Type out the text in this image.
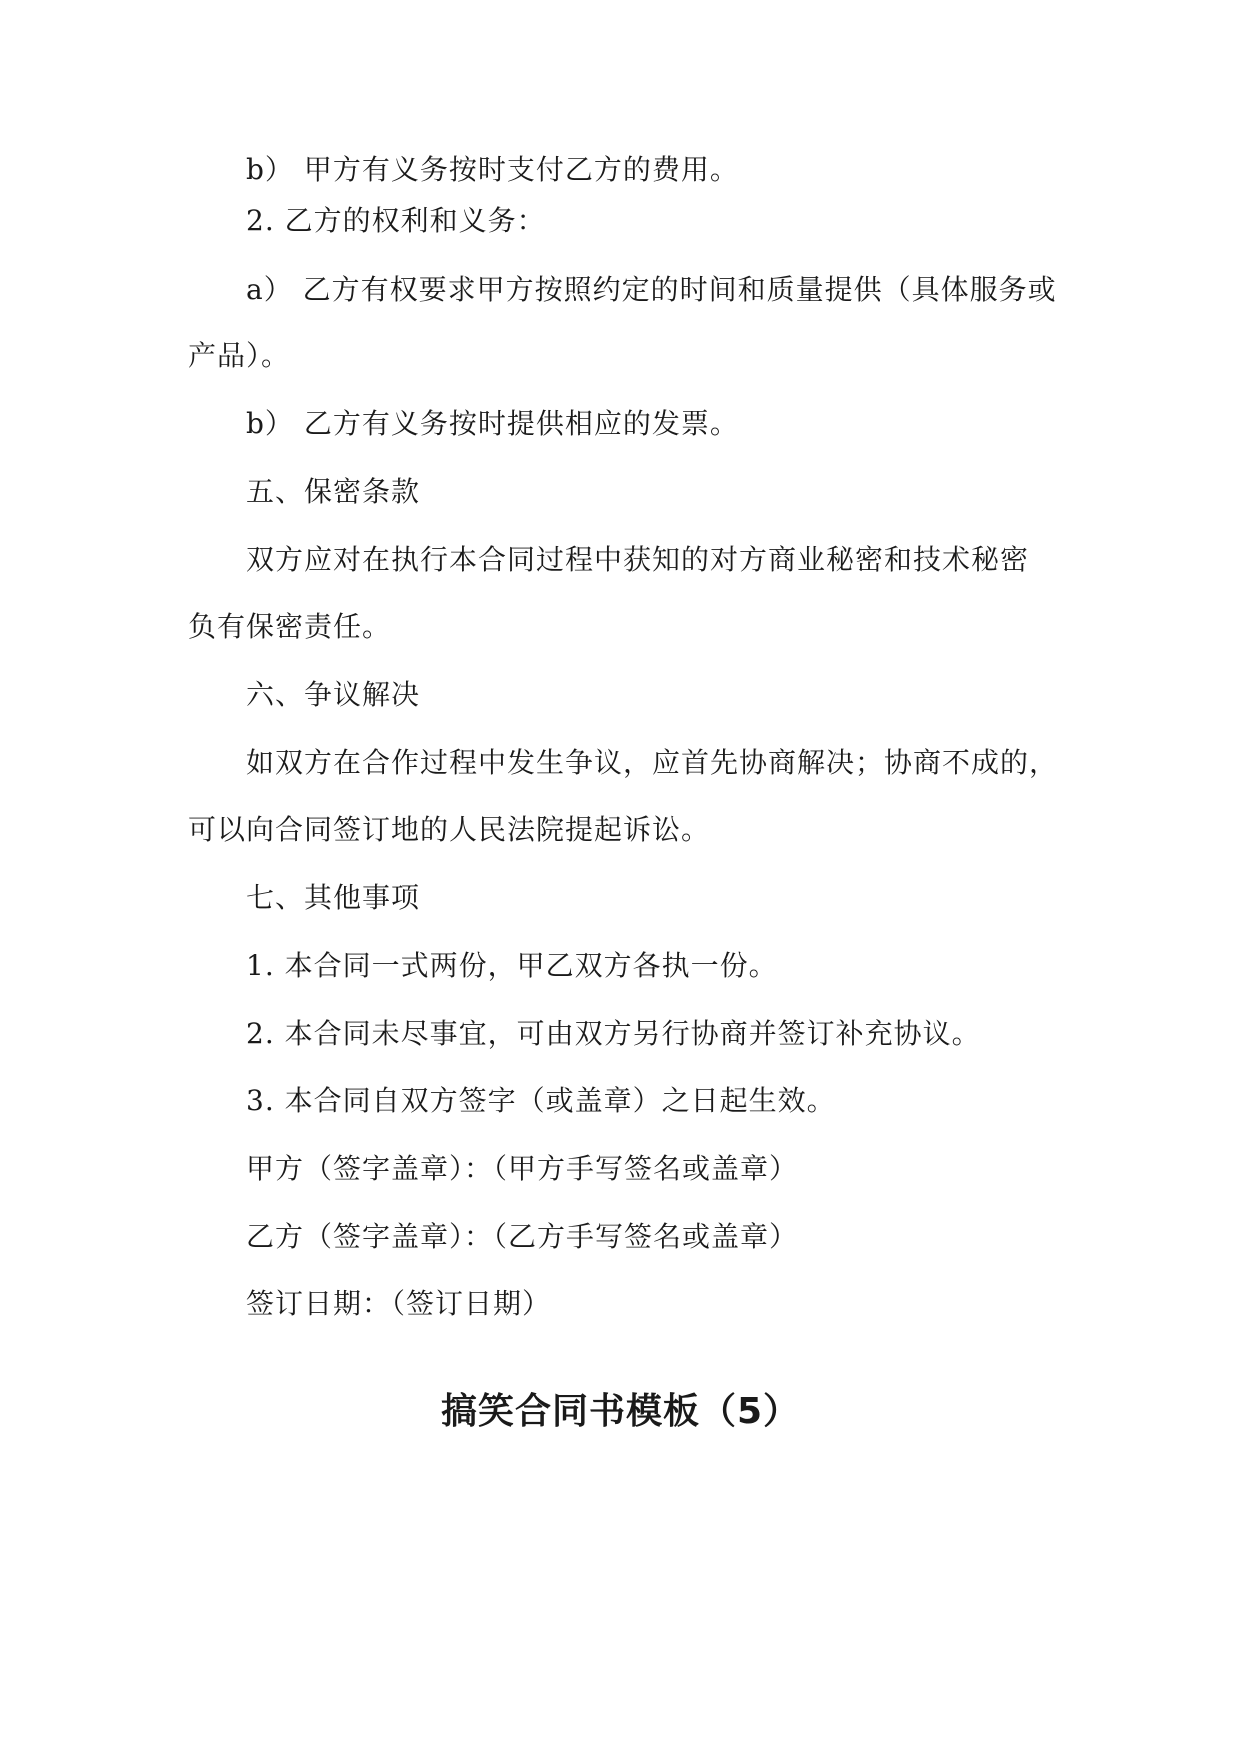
b） 甲方有义务按时支付乙方的费用。
2. 乙方的权利和义务：
a） 乙方有权要求甲方按照约定的时间和质量提供（具体服务或
产品）。
b） 乙方有义务按时提供相应的发票。
五、保密条款
双方应对在执行本合同过程中获知的对方商业秘密和技术秘密
负有保密责任。
六、争议解决
如双方在合作过程中发生争议，应首先协商解决；协商不成的，
可以向合同签订地的人民法院提起诉讼。
七、其他事项
1. 本合同一式两份，甲乙双方各执一份。
2. 本合同未尽事宜，可由双方另行协商并签订补充协议。
3. 本合同自双方签字（或盖章）之日起生效。
甲方（签字盖章）：（甲方手写签名或盖章）
乙方（签字盖章）：（乙方手写签名或盖章）
签订日期：（签订日期）
搞笑合同书模板（5）
